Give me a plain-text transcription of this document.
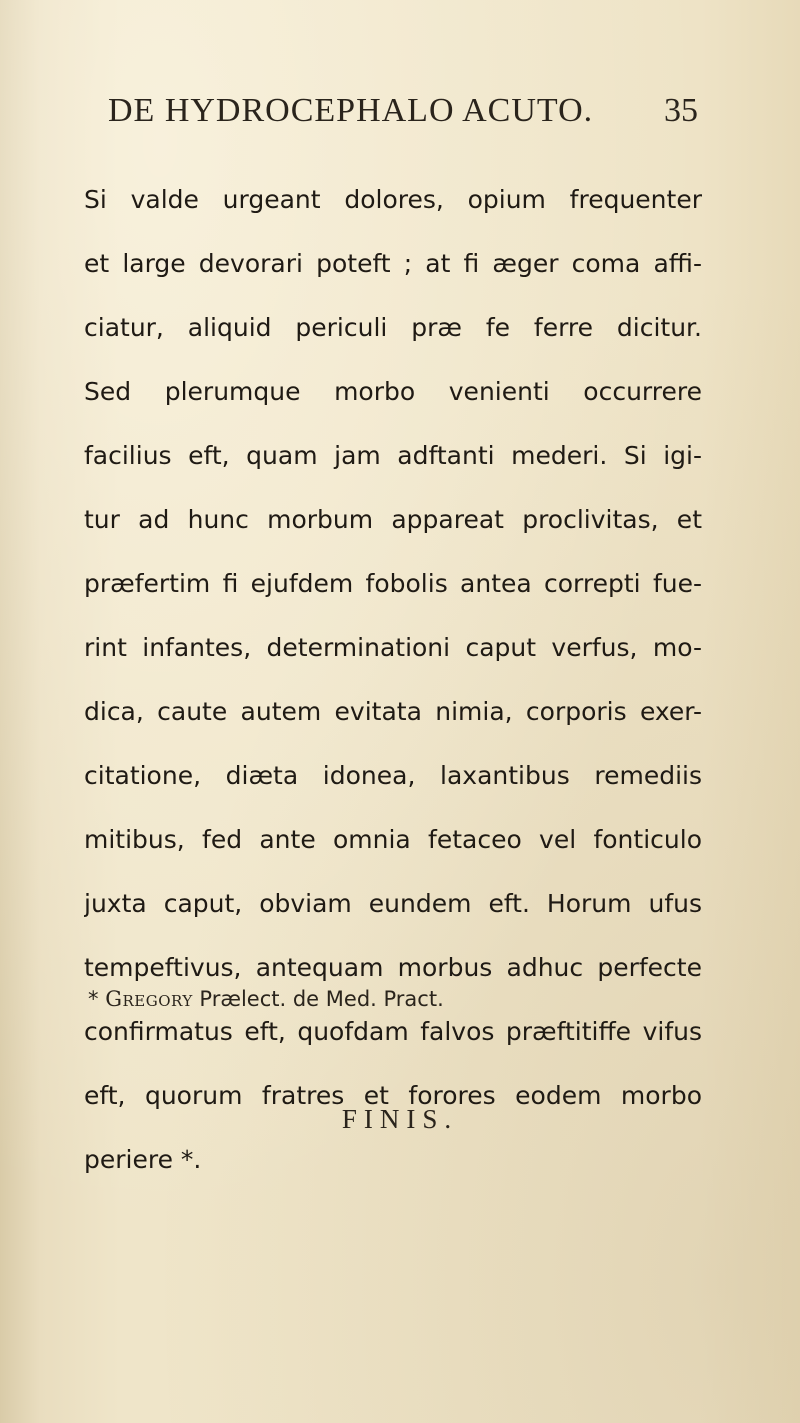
DE HYDROCEPHALO ACUTO. 35
Si valde urgeant dolores, opium frequenter
et large devorari poteft ; at fi æger coma affi-
ciatur, aliquid periculi præ fe ferre dicitur.
Sed plerumque morbo venienti occurrere
facilius eft, quam jam adftanti mederi. Si igi-
tur ad hunc morbum appareat proclivitas, et
præfertim fi ejufdem fobolis antea correpti fue-
rint infantes, determinationi caput verfus, mo-
dica, caute autem evitata nimia, corporis exer-
citatione, diæta idonea, laxantibus remediis
mitibus, fed ante omnia fetaceo vel fonticulo
juxta caput, obviam eundem eft. Horum ufus
tempeftivus, antequam morbus adhuc perfecte
confirmatus eft, quofdam falvos præftitiffe vifus
eft, quorum fratres et forores eodem morbo
periere *.
* Gregory Prælect. de Med. Pract.
FINIS.
